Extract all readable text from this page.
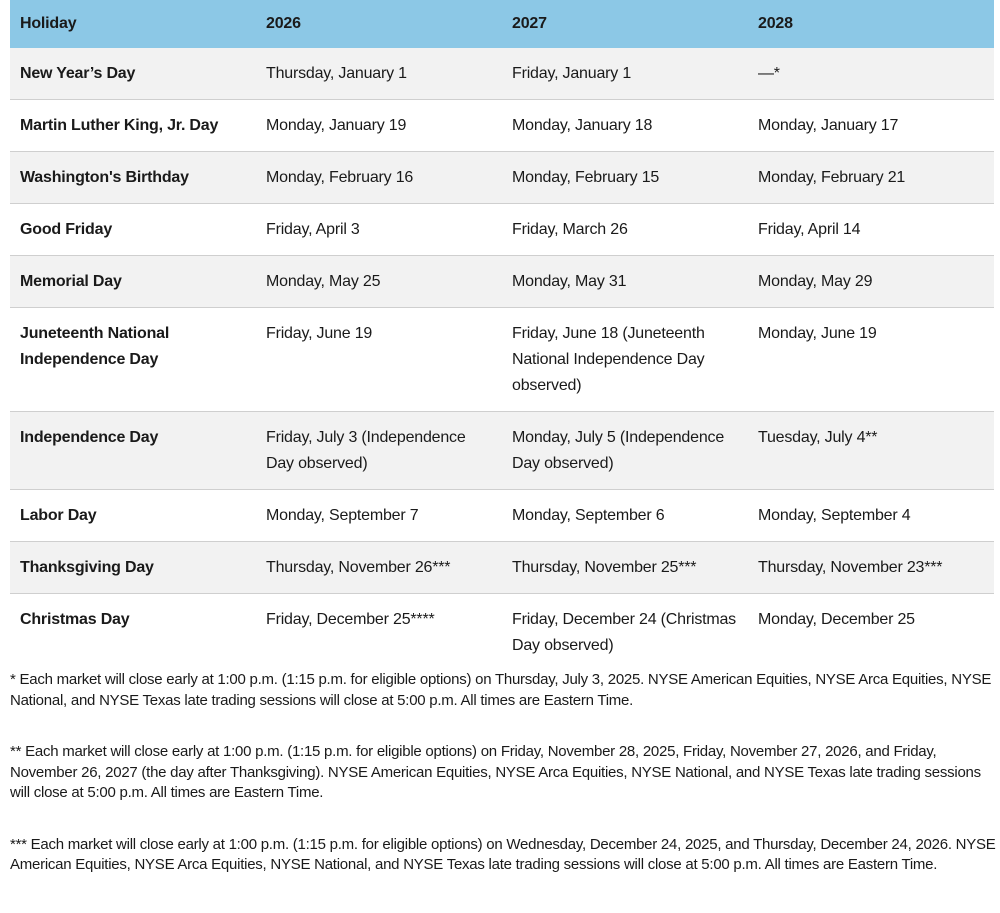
Holiday	2026	2027	2028
New Year’s Day	Thursday, January 1	Friday, January 1	—*
Martin Luther King, Jr. Day	Monday, January 19	Monday, January 18	Monday, January 17
Washington's Birthday	Monday, February 16	Monday, February 15	Monday, February 21
Good Friday	Friday, April 3	Friday, March 26	Friday, April 14
Memorial Day	Monday, May 25	Monday, May 31	Monday, May 29
Juneteenth National Independence Day	Friday, June 19	Friday, June 18 (Juneteenth National Independence Day observed)	Monday, June 19
Independence Day	Friday, July 3 (Independence Day observed)	Monday, July 5 (Independence Day observed)	Tuesday, July 4**
Labor Day	Monday, September 7	Monday, September 6	Monday, September 4
Thanksgiving Day	Thursday, November 26***	Thursday, November 25***	Thursday, November 23***
Christmas Day	Friday, December 25****	Friday, December 24 (Christmas Day observed)	Monday, December 25

* Each market will close early at 1:00 p.m. (1:15 p.m. for eligible options) on Thursday, July 3, 2025. NYSE American Equities, NYSE Arca Equities, NYSE National, and NYSE Texas late trading sessions will close at 5:00 p.m. All times are Eastern Time.

** Each market will close early at 1:00 p.m. (1:15 p.m. for eligible options) on Friday, November 28, 2025, Friday, November 27, 2026, and Friday, November 26, 2027 (the day after Thanksgiving). NYSE American Equities, NYSE Arca Equities, NYSE National, and NYSE Texas late trading sessions will close at 5:00 p.m. All times are Eastern Time.

*** Each market will close early at 1:00 p.m. (1:15 p.m. for eligible options) on Wednesday, December 24, 2025, and Thursday, December 24, 2026. NYSE American Equities, NYSE Arca Equities, NYSE National, and NYSE Texas late trading sessions will close at 5:00 p.m. All times are Eastern Time.
